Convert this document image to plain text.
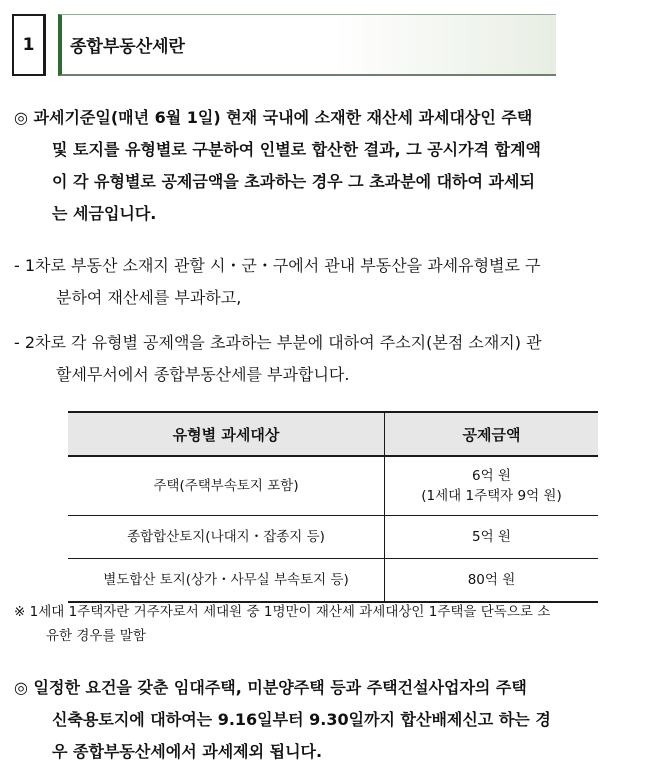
1	종합부동산세란
◎ 과세기준일(매년 6월 1일) 현재 국내에 소재한 재산세 과세대상인 주택
및 토지를 유형별로 구분하여 인별로 합산한 결과, 그 공시가격 합계액
이 각 유형별로 공제금액을 초과하는 경우 그 초과분에 대하여 과세되
는 세금입니다.
- 1차로 부동산 소재지 관할 시・군・구에서 관내 부동산을 과세유형별로 구
분하여 재산세를 부과하고,
- 2차로 각 유형별 공제액을 초과하는 부분에 대하여 주소지(본점 소재지) 관
할세무서에서 종합부동산세를 부과합니다.
유형별 과세대상	공제금액
주택(주택부속토지 포함)	6억 원
(1세대 1주택자 9억 원)

종합합산토지(나대지・잡종지 등)	5억 원
별도합산 토지(상가・사무실 부속토지 등)	80억 원
※ 1세대 1주택자란 거주자로서 세대원 중 1명만이 재산세 과세대상인 1주택을 단독으로 소
유한 경우를 말함
◎ 일정한 요건을 갖춘 임대주택, 미분양주택 등과 주택건설사업자의 주택
신축용토지에 대하여는 9.16일부터 9.30일까지 합산배제신고 하는 경
우 종합부동산세에서 과세제외 됩니다.
